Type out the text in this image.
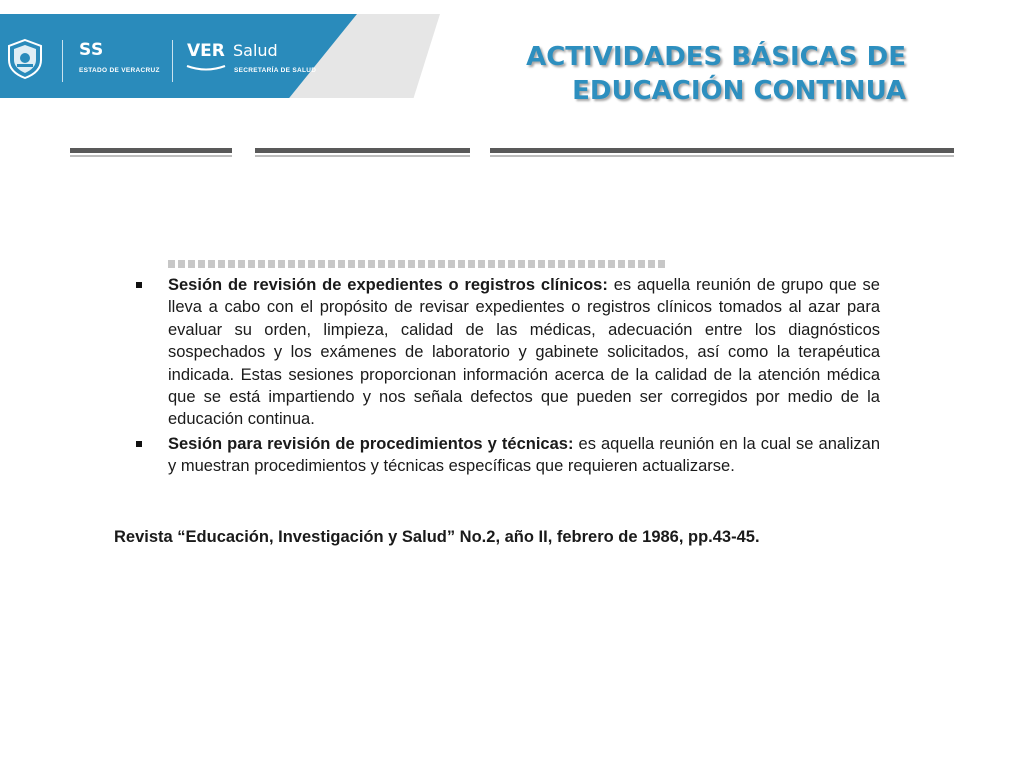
SS
ESTADO DE VERACRUZ
VER Salud
SECRETARÍA DE SALUD	ACTIVIDADES BÁSICAS DE
EDUCACIÓN CONTINUA
Sesión de revisión de expedientes o registros clínicos: es aquella reunión de grupo que se lleva a cabo con el propósito de revisar expedientes o registros clínicos tomados al azar para evaluar su orden, limpieza, calidad de las médicas, adecuación entre los diagnósticos sospechados y los exámenes de laboratorio y gabinete solicitados, así como la terapéutica indicada. Estas sesiones proporcionan información acerca de la calidad de la atención médica que se está impartiendo y nos señala defectos que pueden ser corregidos por medio de la educación continua.
Sesión para revisión de procedimientos y técnicas: es aquella reunión en la cual se analizan y muestran procedimientos y técnicas específicas que requieren actualizarse.
Revista “Educación, Investigación y Salud” No.2, año II, febrero de 1986, pp.43-45.
